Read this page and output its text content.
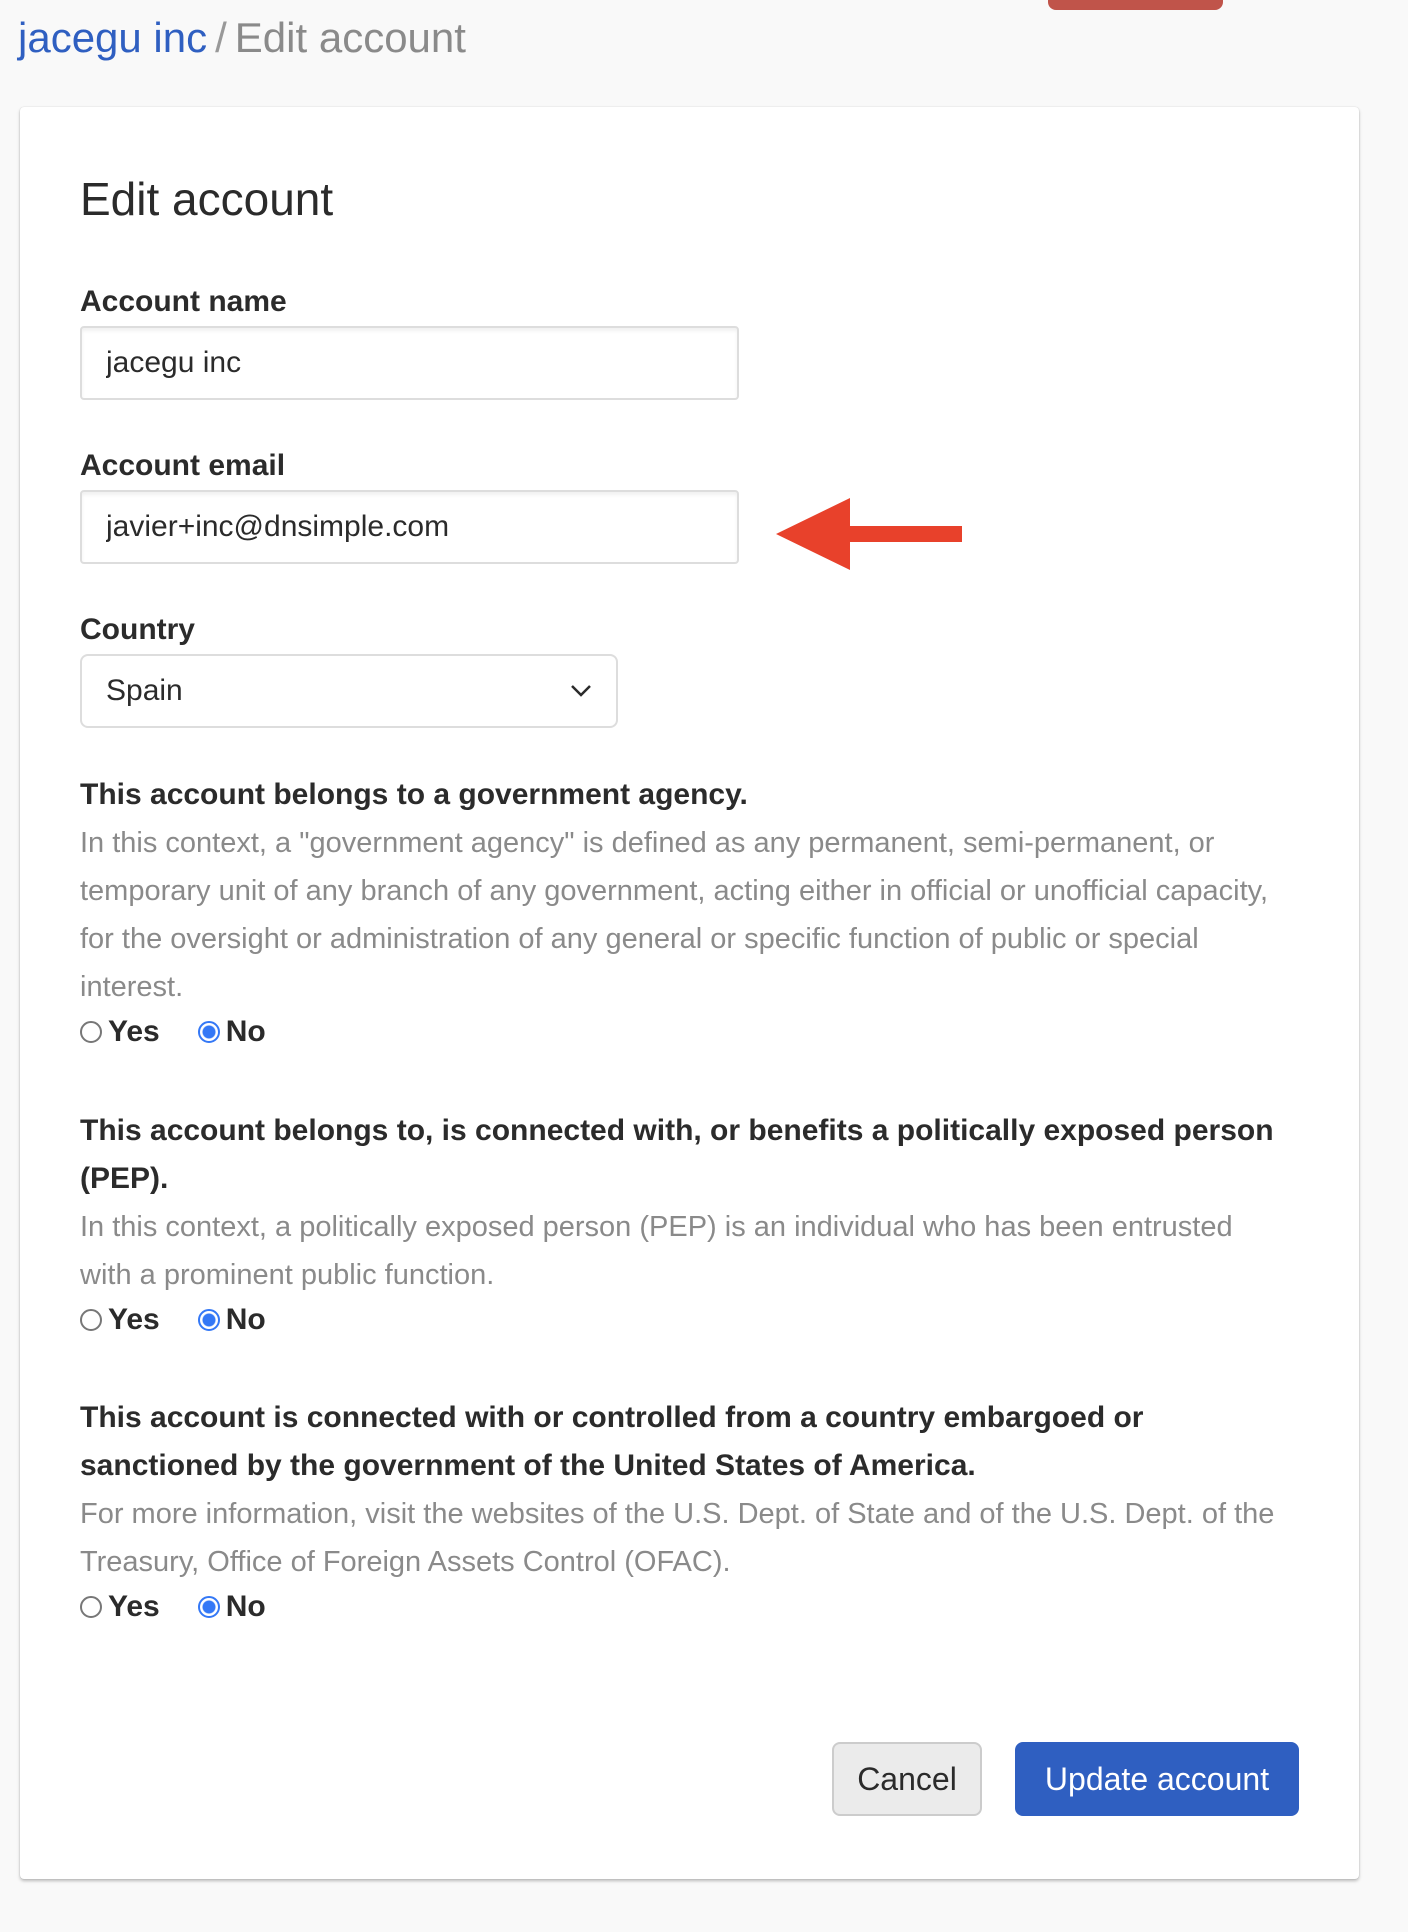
jacegu inc / Edit account
Edit account
Account name
jacegu inc
Account email
javier+inc@dnsimple.com
Country
Spain
This account belongs to a government agency.
In this context, a "government agency" is defined as any permanent, semi-permanent, or temporary unit of any branch of any government, acting either in official or unofficial capacity, for the oversight or administration of any general or specific function of public or special interest.
Yes No
This account belongs to, is connected with, or benefits a politically exposed person (PEP).
In this context, a politically exposed person (PEP) is an individual who has been entrusted with a prominent public function.
Yes No
This account is connected with or controlled from a country embargoed or sanctioned by the government of the United States of America.
For more information, visit the websites of the U.S. Dept. of State and of the U.S. Dept. of the Treasury, Office of Foreign Assets Control (OFAC).
Yes No
Cancel	Update account
